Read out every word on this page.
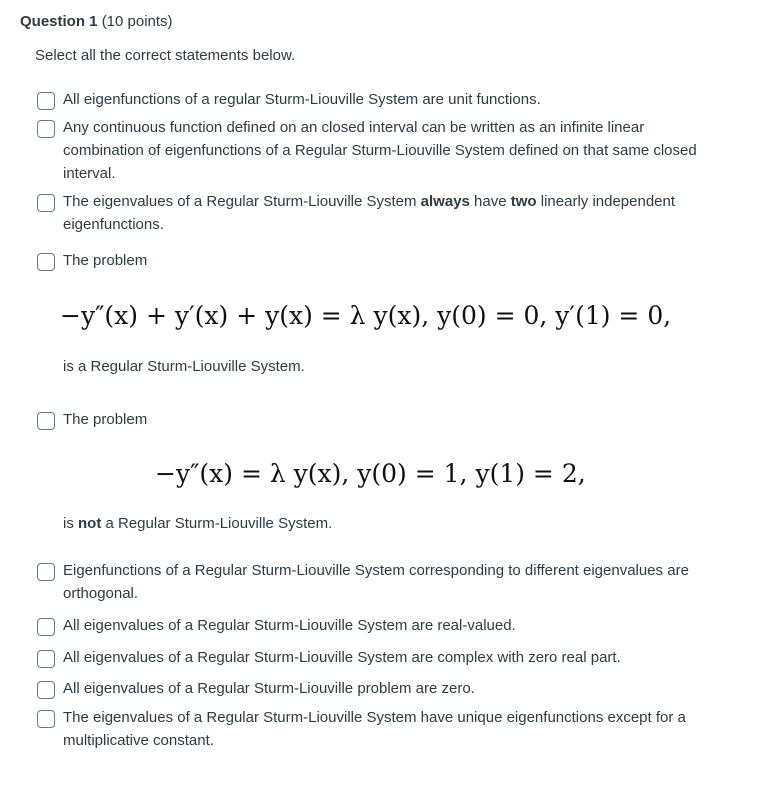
Question 1 (10 points)
Select all the correct statements below.
All eigenfunctions of a regular Sturm-Liouville System are unit functions.
Any continuous function defined on an closed interval can be written as an infinite linear combination of eigenfunctions of a Regular Sturm-Liouville System defined on that same closed interval.
The eigenvalues of a Regular Sturm-Liouville System always have two linearly independent eigenfunctions.
The problem
−y″(x) + y′(x) + y(x) = λ y(x), y(0) = 0, y′(1) = 0,
is a Regular Sturm-Liouville System.
The problem
−y″(x) = λ y(x), y(0) = 1, y(1) = 2,
is not a Regular Sturm-Liouville System.
Eigenfunctions of a Regular Sturm-Liouville System corresponding to different eigenvalues are orthogonal.
All eigenvalues of a Regular Sturm-Liouville System are real-valued.
All eigenvalues of a Regular Sturm-Liouville System are complex with zero real part.
All eigenvalues of a Regular Sturm-Liouville problem are zero.
The eigenvalues of a Regular Sturm-Liouville System have unique eigenfunctions except for a multiplicative constant.
